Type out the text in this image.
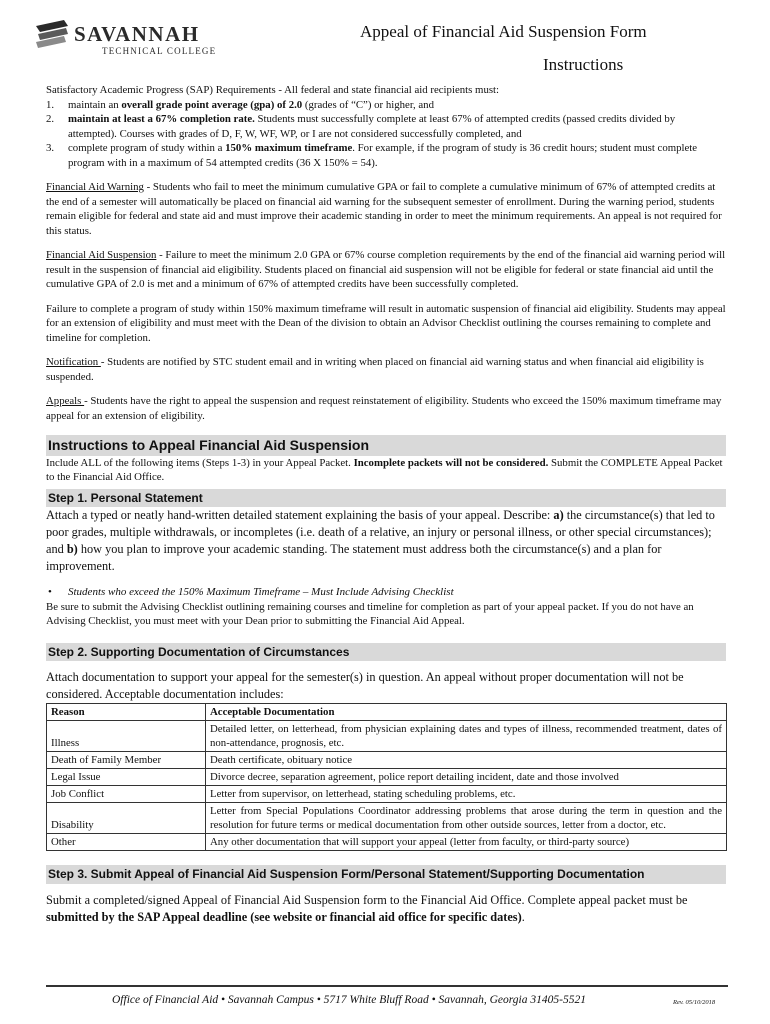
SAVANNAH
TECHNICAL COLLEGE
Appeal of Financial Aid Suspension Form
Instructions

Satisfactory Academic Progress (SAP) Requirements - All federal and state financial aid recipients must:

1. maintain an overall grade point average (gpa) of 2.0 (grades of “C”) or higher, and
2. maintain at least a 67% completion rate. Students must successfully complete at least 67% of attempted credits (passed credits divided by attempted). Courses with grades of D, F, W, WF, WP, or I are not considered successfully completed, and
3. complete program of study within a 150% maximum timeframe. For example, if the program of study is 36 credit hours; student must complete program with in a maximum of 54 attempted credits (36 X 150% = 54).

Financial Aid Warning - Students who fail to meet the minimum cumulative GPA or fail to complete a cumulative minimum of 67% of attempted credits at the end of a semester will automatically be placed on financial aid warning for the subsequent semester of enrollment. During the warning period, students remain eligible for federal and state aid and must improve their academic standing in order to meet the minimum requirements. An appeal is not required for this status.

Financial Aid Suspension - Failure to meet the minimum 2.0 GPA or 67% course completion requirements by the end of the financial aid warning period will result in the suspension of financial aid eligibility. Students placed on financial aid suspension will not be eligible for federal or state financial aid until the cumulative GPA of 2.0 is met and a minimum of 67% of attempted credits have been successfully completed.

Failure to complete a program of study within 150% maximum timeframe will result in automatic suspension of financial aid eligibility. Students may appeal for an extension of eligibility and must meet with the Dean of the division to obtain an Advisor Checklist outlining the courses remaining to complete and timeline for completion.

Notification - Students are notified by STC student email and in writing when placed on financial aid warning status and when financial aid eligibility is suspended.

Appeals - Students have the right to appeal the suspension and request reinstatement of eligibility. Students who exceed the 150% maximum timeframe may appeal for an extension of eligibility.

Instructions to Appeal Financial Aid Suspension

Include ALL of the following items (Steps 1-3) in your Appeal Packet. Incomplete packets will not be considered. Submit the COMPLETE Appeal Packet to the Financial Aid Office.

Step 1. Personal Statement

Attach a typed or neatly hand-written detailed statement explaining the basis of your appeal. Describe: a) the circumstance(s) that led to poor grades, multiple withdrawals, or incompletes (i.e. death of a relative, an injury or personal illness, or other special circumstances); and b) how you plan to improve your academic standing. The statement must address both the circumstance(s) and a plan for improvement.

• Students who exceed the 150% Maximum Timeframe – Must Include Advising Checklist

Be sure to submit the Advising Checklist outlining remaining courses and timeline for completion as part of your appeal packet. If you do not have an Advising Checklist, you must meet with your Dean prior to submitting the Financial Aid Appeal.

Step 2. Supporting Documentation of Circumstances

Attach documentation to support your appeal for the semester(s) in question. An appeal without proper documentation will not be considered. Acceptable documentation includes:

Reason	Acceptable Documentation
Illness	Detailed letter, on letterhead, from physician explaining dates and types of illness, recommended treatment, dates of non-attendance, prognosis, etc.
Death of Family Member	Death certificate, obituary notice
Legal Issue	Divorce decree, separation agreement, police report detailing incident, date and those involved
Job Conflict	Letter from supervisor, on letterhead, stating scheduling problems, etc.
Disability	Letter from Special Populations Coordinator addressing problems that arose during the term in question and the resolution for future terms or medical documentation from other outside sources, letter from a doctor, etc.
Other	Any other documentation that will support your appeal (letter from faculty, or third-party source)
Step 3. Submit Appeal of Financial Aid Suspension Form/Personal Statement/Supporting Documentation

Submit a completed/signed Appeal of Financial Aid Suspension form to the Financial Aid Office. Complete appeal packet must be submitted by the SAP Appeal deadline (see website or financial aid office for specific dates).

Office of Financial Aid • Savannah Campus • 5717 White Bluff Road • Savannah, Georgia 31405-5521	Rev. 05/10/2018
